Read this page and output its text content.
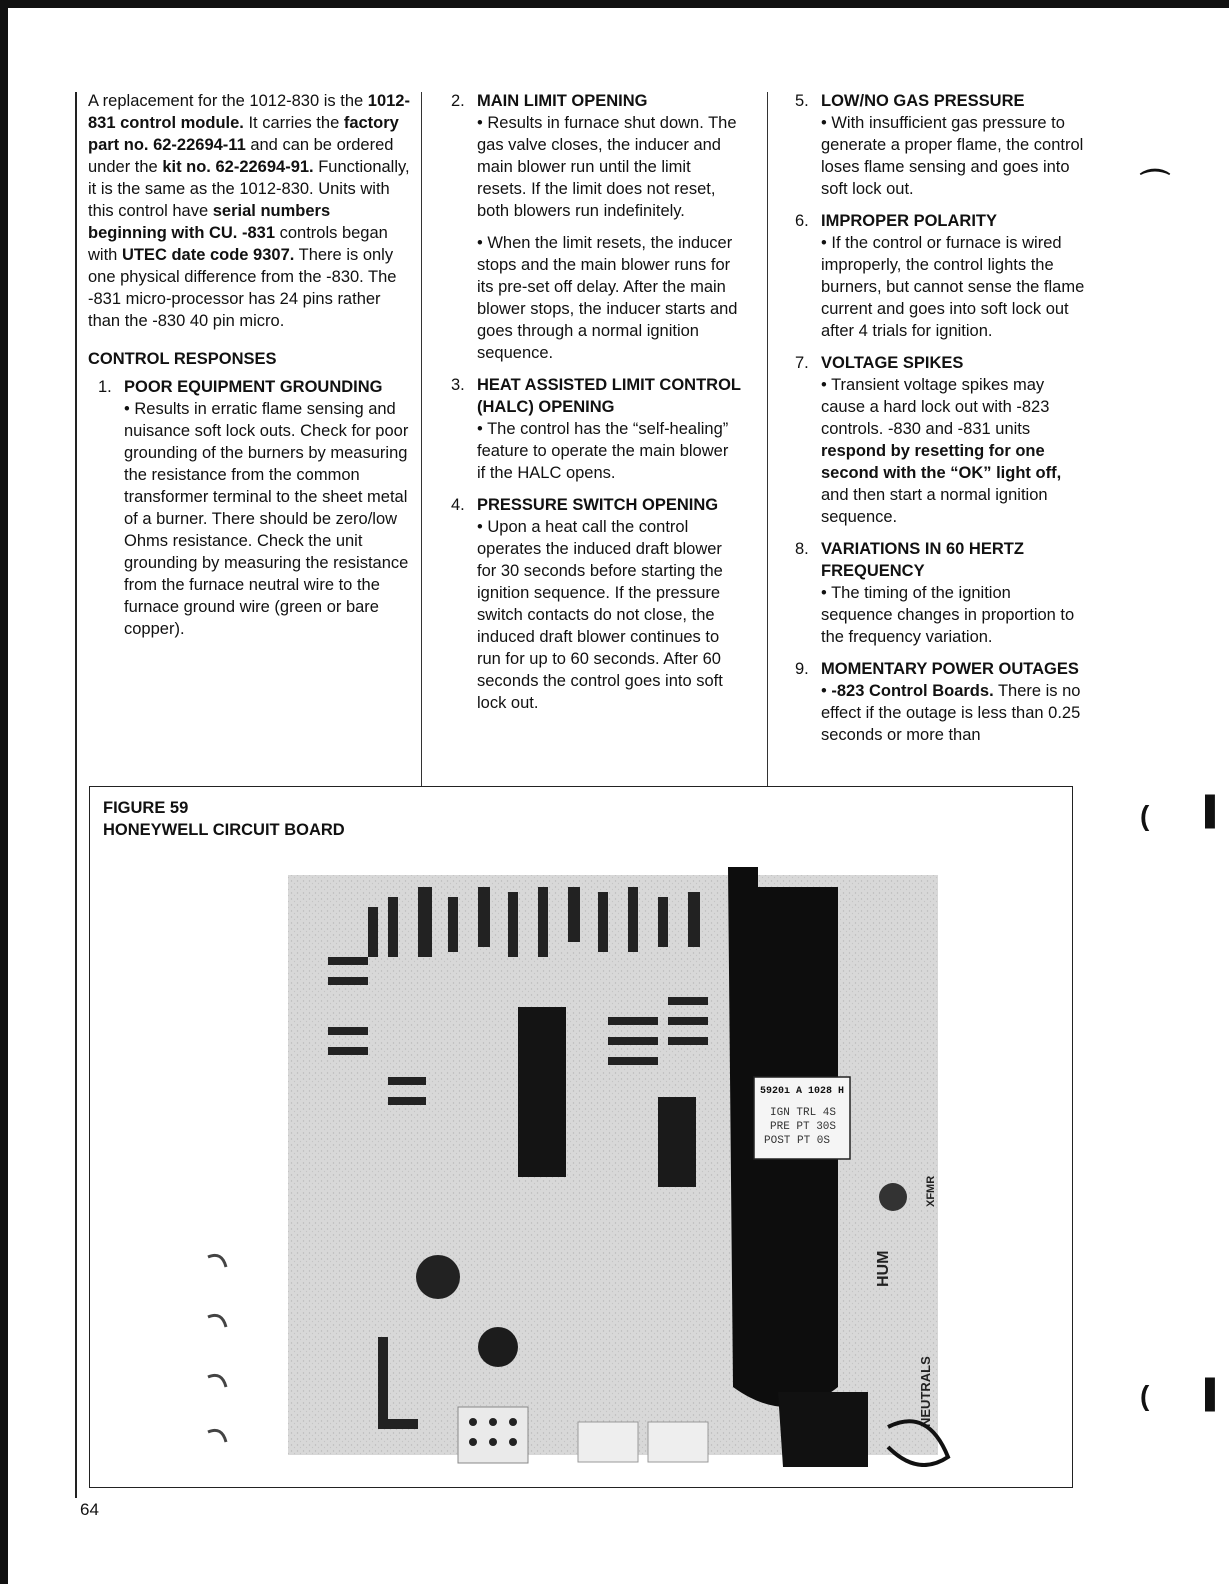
A replacement for the 1012-830 is the 1012-831 control module. It carries the factory part no. 62-22694-11 and can be ordered under the kit no. 62-22694-91. Functionally, it is the same as the 1012-830. Units with this control have serial numbers beginning with CU. -831 controls began with UTEC date code 9307. There is only one physical difference from the -830. The -831 micro-processor has 24 pins rather than the -830 40 pin micro.

CONTROL RESPONSES
1. POOR EQUIPMENT GROUNDING
• Results in erratic flame sensing and nuisance soft lock outs. Check for poor grounding of the burners by measuring the resistance from the common transformer terminal to the sheet metal of a burner. There should be zero/low Ohms resistance. Check the unit grounding by measuring the resistance from the furnace neutral wire to the furnace ground wire (green or bare copper).
2. MAIN LIMIT OPENING
• Results in furnace shut down. The gas valve closes, the inducer and main blower run until the limit resets. If the limit does not reset, both blowers run indefinitely.
• When the limit resets, the inducer stops and the main blower runs for its pre-set off delay. After the main blower stops, the inducer starts and goes through a normal ignition sequence.
3. HEAT ASSISTED LIMIT CONTROL (HALC) OPENING
• The control has the “self-healing” feature to operate the main blower if the HALC opens.
4. PRESSURE SWITCH OPENING
• Upon a heat call the control operates the induced draft blower for 30 seconds before starting the ignition sequence. If the pressure switch contacts do not close, the induced draft blower continues to run for up to 60 seconds. After 60 seconds the control goes into soft lock out.
5. LOW/NO GAS PRESSURE
• With insufficient gas pressure to generate a proper flame, the control loses flame sensing and goes into soft lock out.
6. IMPROPER POLARITY
• If the control or furnace is wired improperly, the control lights the burners, but cannot sense the flame current and goes into soft lock out after 4 trials for ignition.
7. VOLTAGE SPIKES
• Transient voltage spikes may cause a hard lock out with -823 controls. -830 and -831 units respond by resetting for one second with the “OK” light off, and then start a normal ignition sequence.
8. VARIATIONS IN 60 HERTZ FREQUENCY
• The timing of the ignition sequence changes in proportion to the frequency variation.
9. MOMENTARY POWER OUTAGES
• -823 Control Boards. There is no effect if the outage is less than 0.25 seconds or more than
FIGURE 59
HONEYWELL CIRCUIT BOARD
5920ı A 1028 H
IGN TRL 4S
PRE PT 30S
POST PT 0S
HUM
NEUTRALS
XFMR
64
⌒
( ▌
( ▌
